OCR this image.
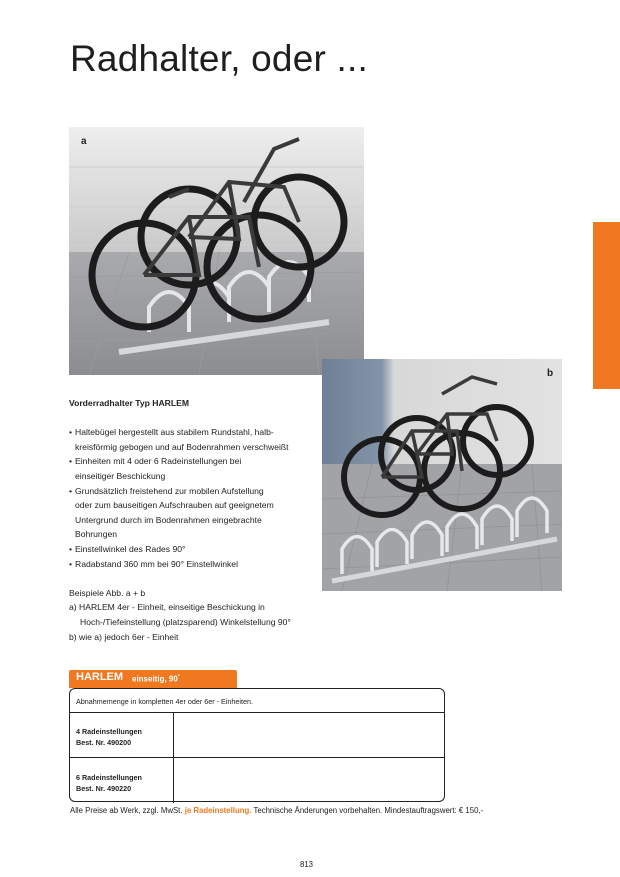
Radhalter, oder ...
a
b
Vorderradhalter Typ HARLEM
• Haltebügel hergestellt aus stabilem Rundstahl, halb-
kreisförmig gebogen und auf Bodenrahmen verschweißt
• Einheiten mit 4 oder 6 Radeinstellungen bei
einseitiger Beschickung
• Grundsätzlich freistehend zur mobilen Aufstellung
oder zum bauseitigen Aufschrauben auf geeignetem
Untergrund durch im Bodenrahmen eingebrachte
Bohrungen
• Einstellwinkel des Rades 90°
• Radabstand 360 mm bei 90° Einstellwinkel
Beispiele Abb. a + b
a) HARLEM 4er - Einheit, einseitige Beschickung in
Hoch-/Tiefeinstellung (platzsparend) Winkelstellung 90°
b) wie a) jedoch 6er - Einheit
HARLEM einseitig, 90°
Abnahmemenge in kompletten 4er oder 6er - Einheiten.
4 Radeinstellungen
Best. Nr. 490200
6 Radeinstellungen
Best. Nr. 490220
Alle Preise ab Werk, zzgl. MwSt. je Radeinstellung. Technische Änderungen vorbehalten. Mindestauftragswert: € 150,-
813
